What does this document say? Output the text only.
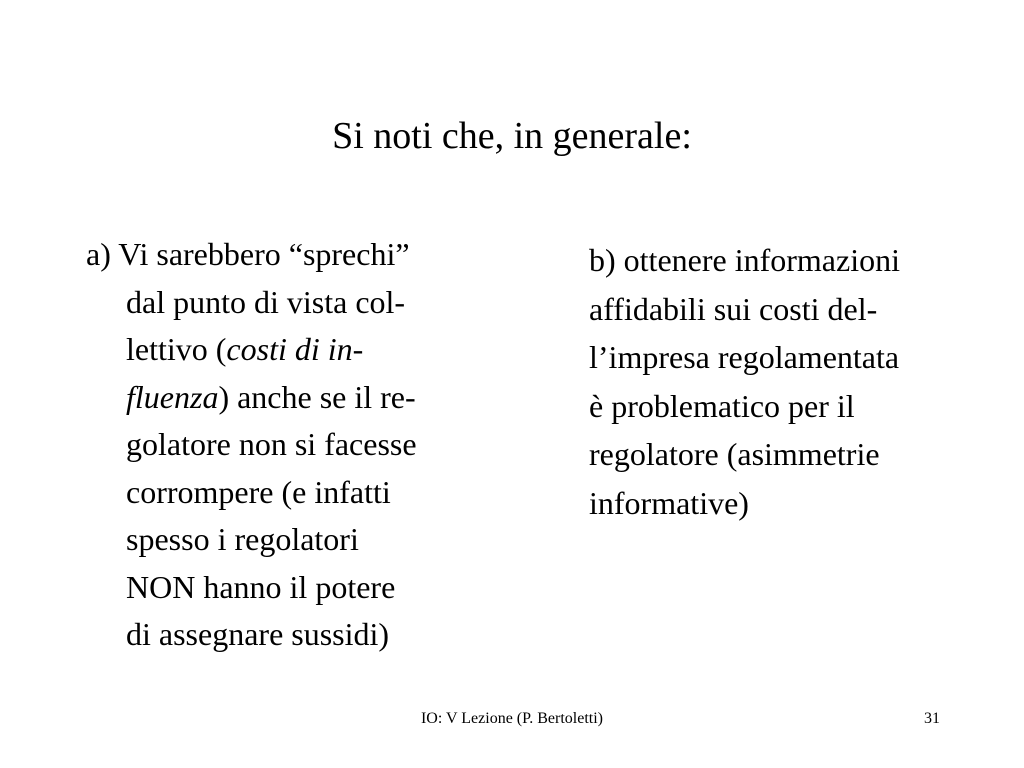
Si noti che, in generale:
a) Vi sarebbero “sprechi”
dal punto di vista col-
lettivo (costi di in-
fluenza) anche se il re-
golatore non si facesse
corrompere (e infatti
spesso i regolatori
NON hanno il potere
di assegnare sussidi)
b) ottenere informazioni
affidabili sui costi del-
l’impresa regolamentata
è problematico per il
regolatore (asimmetrie
informative)
IO: V Lezione (P. Bertoletti)	31
